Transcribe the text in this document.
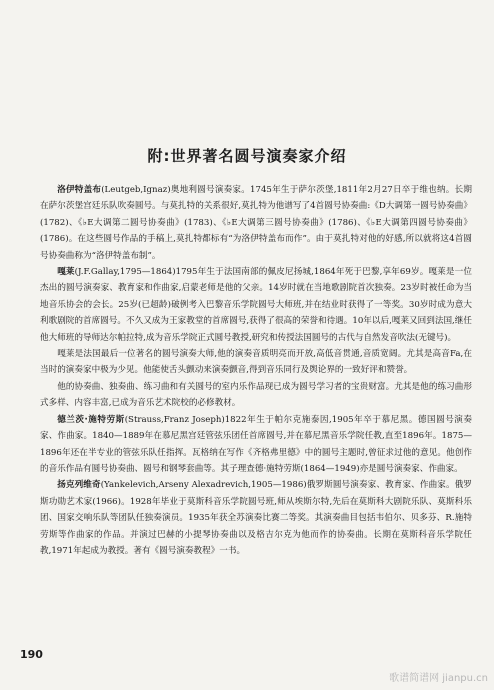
附:世界著名圆号演奏家介绍

洛伊特盖布(Leutgeb,Ignaz)奥地利圆号演奏家。1745年生于萨尔茨堡,1811年2月27日卒于维也纳。长期在萨尔茨堡宫廷乐队吹奏圆号。与莫扎特的关系很好,莫扎特为他谱写了4首圆号协奏曲:《D大调第一圆号协奏曲》(1782)、《♭E大调第二圆号协奏曲》(1783)、《♭E大调第三圆号协奏曲》(1786)、《♭E大调第四圆号协奏曲》(1786)。在这些圆号作品的手稿上,莫扎特都标有“为洛伊特盖布而作”。由于莫扎特对他的好感,所以就将这4首圆号协奏曲称为“洛伊特盖布制”。

嘎莱(J.F.Gallay,1795—1864)1795年生于法国南部的佩皮尼扬城,1864年死于巴黎,享年69岁。嘎莱是一位杰出的圆号演奏家、教育家和作曲家,启蒙老师是他的父亲。14岁时就在当地歌剧院首次独奏。23岁时被任命为当地音乐协会的会长。25岁(已超龄)破例考入巴黎音乐学院圆号大师班,并在结业时获得了一等奖。30岁时成为意大利歌剧院的首席圆号。不久又成为王家教堂的首席圆号,获得了很高的荣誉和待遇。10年以后,嘎莱又回到法国,继任他大师班的导师达尔帕拉特,成为音乐学院正式圆号教授,研究和传授法国圆号的古代与自然发音吹法(无键号)。

嘎莱是法国最后一位著名的圆号演奏大师,他的演奏音质明亮而开放,高低音贯通,音质宽阔。尤其是高音Fa,在当时的演奏家中极为少见。他能使舌头颤动来演奏颤音,得到音乐同行及舆论界的一致好评和赞誉。

他的协奏曲、独奏曲、练习曲和有关圆号的室内乐作品现已成为圆号学习者的宝贵财富。尤其是他的练习曲形式多样、内容丰富,已成为音乐艺术院校的必修教材。

德兰茨·施特劳斯(Strauss,Franz Joseph)1822年生于帕尔克施泰因,1905年卒于慕尼黑。德国圆号演奏家、作曲家。1840—1889年在慕尼黑宫廷管弦乐团任首席圆号,并在慕尼黑音乐学院任教,直至1896年。1875—1896年还在半专业的管弦乐队任指挥。瓦格纳在写作《齐格弗里德》中的圆号主题时,曾征求过他的意见。他创作的音乐作品有圆号协奏曲、圆号和钢琴套曲等。其子理查德·施特劳斯(1864—1949)亦是圆号演奏家、作曲家。

扬克列维奇(Yankelevich,Arseny Alexadrevich,1905—1986)俄罗斯圆号演奏家、教育家、作曲家。俄罗斯功勋艺术家(1966)。1928年毕业于莫斯科音乐学院圆号班,师从埃斯尔特,先后在莫斯科大剧院乐队、莫斯科乐团、国家交响乐队等团队任独奏演员。1935年获全苏演奏比赛二等奖。其演奏曲目包括韦伯尔、贝多芬、R.施特劳斯等作曲家的作品。并演过巴赫的小提琴协奏曲以及格吉尔克为他而作的协奏曲。长期在莫斯科音乐学院任教,1971年起成为教授。著有《圆号演奏教程》一书。

190
歌谱简谱网 jianpu.cn
